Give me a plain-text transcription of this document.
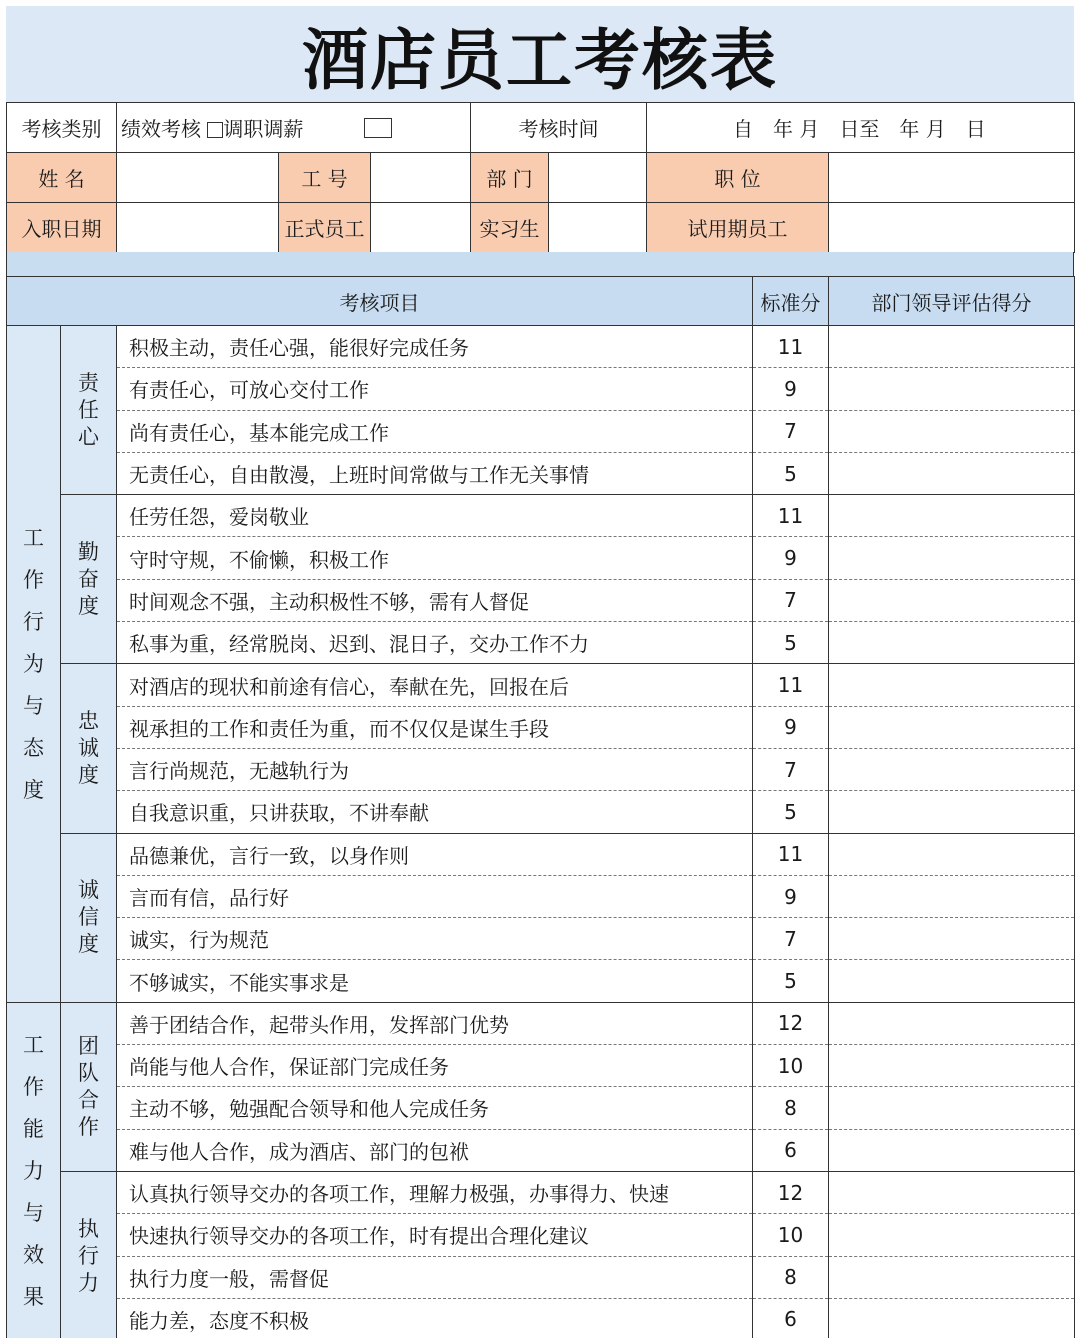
酒店员工考核表
考核类别	绩效考核 调职调薪			考核时间		自　年 月　日至　年 月　日	
姓 名		工 号		部 门		职 位	
入职日期		正式员工		实习生		试用期员工	
考核项目			标准分	部门领导评估得分
工作行为与态度	责任心	积极主动，责任心强，能很好完成任务	11	
		有责任心，可放心交付工作	9	
		尚有责任心，基本能完成工作	7	
		无责任心，自由散漫，上班时间常做与工作无关事情	5	
	勤奋度	任劳任怨，爱岗敬业	11	
		守时守规，不偷懒，积极工作	9	
		时间观念不强，主动积极性不够，需有人督促	7	
		私事为重，经常脱岗、迟到、混日子，交办工作不力	5	
	忠诚度	对酒店的现状和前途有信心，奉献在先，回报在后	11	
		视承担的工作和责任为重，而不仅仅是谋生手段	9	
		言行尚规范，无越轨行为	7	
		自我意识重，只讲获取，不讲奉献	5	
	诚信度	品德兼优，言行一致，以身作则	11	
		言而有信，品行好	9	
		诚实，行为规范	7	
		不够诚实，不能实事求是	5	
工作能力与效果	团队合作	善于团结合作，起带头作用，发挥部门优势	12	
		尚能与他人合作，保证部门完成任务	10	
		主动不够，勉强配合领导和他人完成任务	8	
		难与他人合作，成为酒店、部门的包袱	6	
	执行力	认真执行领导交办的各项工作，理解力极强，办事得力、快速	12	
		快速执行领导交办的各项工作，时有提出合理化建议	10	
		执行力度一般，需督促	8	
		能力差，态度不积极	6	
